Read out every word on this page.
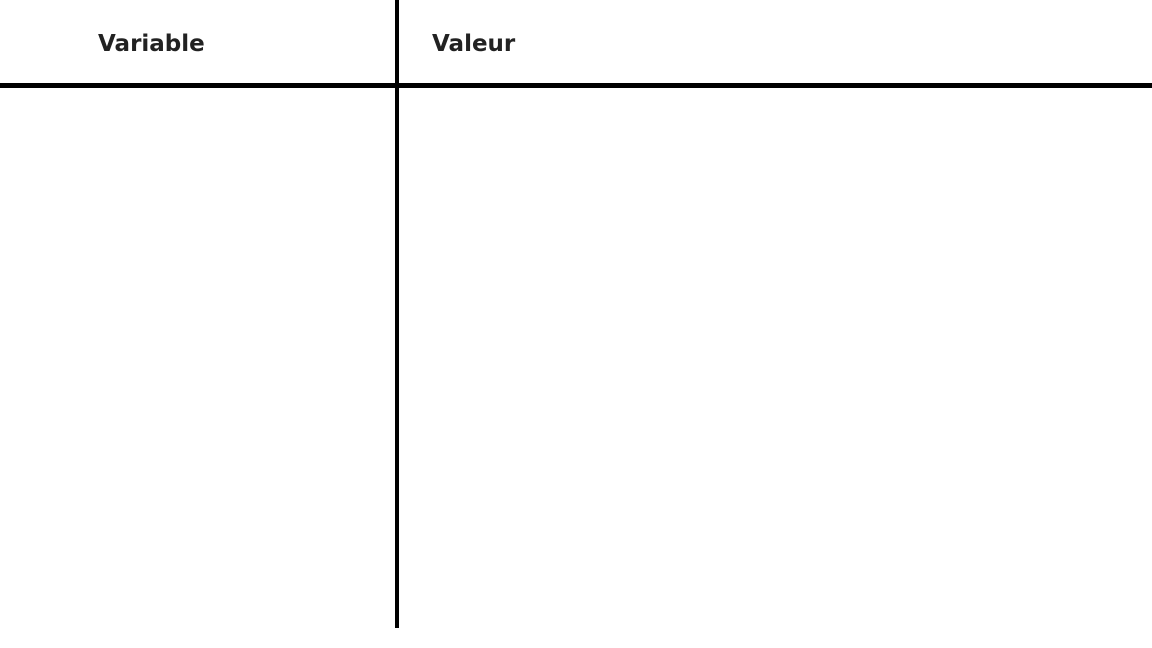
Variable	Valeur
